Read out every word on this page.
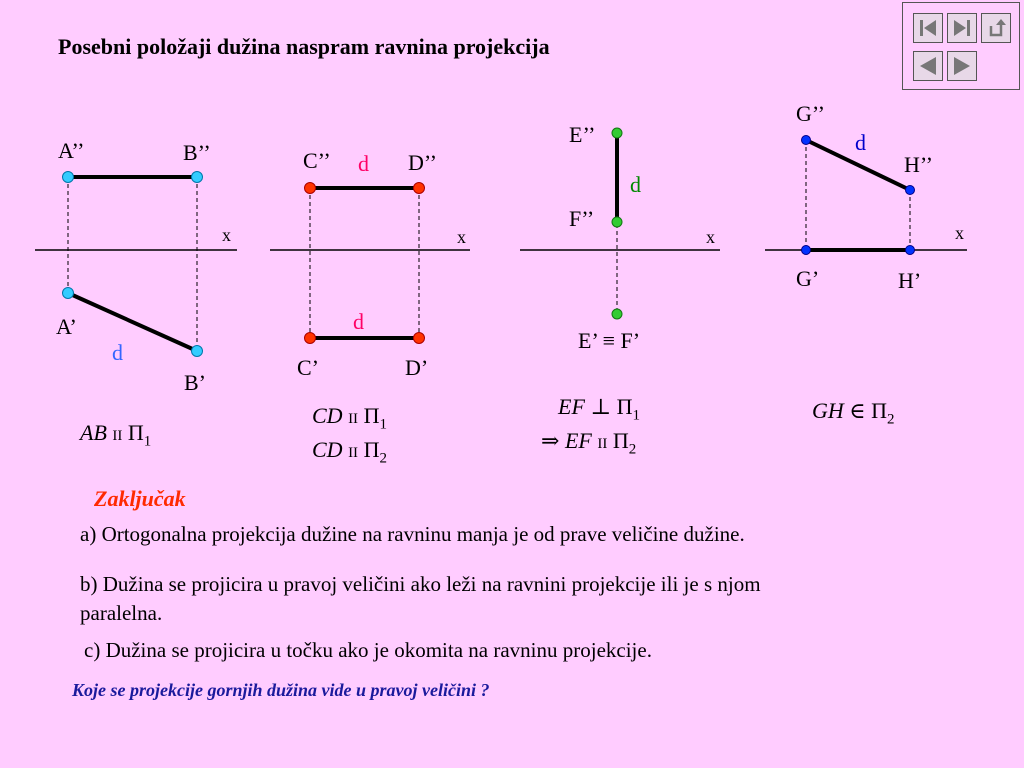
Posebni položaji dužina naspram ravnina projekcija
A’’	B’’
x
A’
d
B’
AB II $\Pi_1$
C’’ d D’’
x
d
C’	D’
CD II $\Pi_1$
CD II $\Pi_2$
E’’
d
F’’
x
E’ ≡ F’
EF ⊥ $\Pi_1$
⇒ EF II $\Pi_2$
G’’
d
H’’
x
G’	H’
GH ∈ $\Pi_2$
Zaključak
a) Ortogonalna projekcija dužine na ravninu manja je od prave veličine dužine.
b) Dužina se projicira u pravoj veličini ako leži na ravnini projekcije ili je s njom
paralelna.
c) Dužina se projicira u točku ako je okomita na ravninu projekcije.
Koje se projekcije gornjih dužina vide u pravoj veličini ?
